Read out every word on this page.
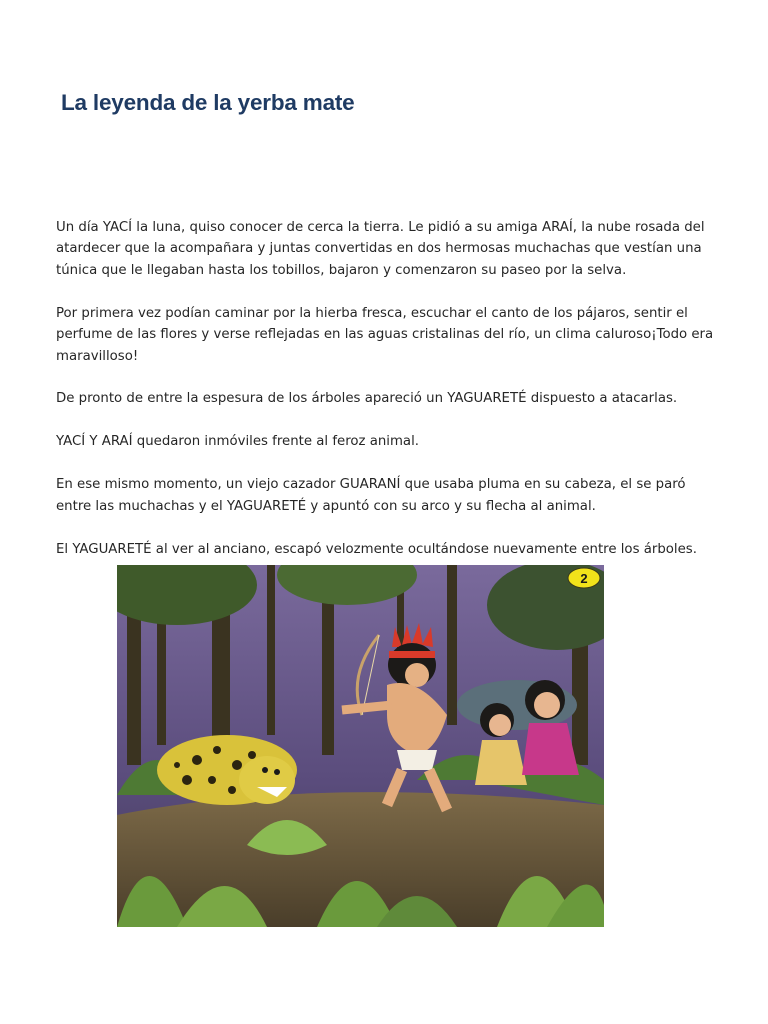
La leyenda de la yerba mate

Un día YACÍ la luna, quiso conocer de cerca la tierra. Le pidió a su amiga ARAÍ, la nube rosada del atardecer que la acompañara y juntas convertidas en dos hermosas muchachas que vestían una túnica que le llegaban hasta los tobillos, bajaron y comenzaron su paseo por la selva.

Por primera vez podían caminar por la hierba fresca, escuchar el canto de los pájaros, sentir el perfume de las flores y verse reflejadas en las aguas cristalinas del río, un clima caluroso¡Todo era maravilloso!

De pronto de entre la espesura de los árboles apareció un YAGUARETÉ dispuesto a atacarlas.

YACÍ Y ARAÍ quedaron inmóviles frente al feroz animal.

En ese mismo momento, un viejo cazador GUARANÍ que usaba pluma en su cabeza, el se paró entre las muchachas y el YAGUARETÉ y apuntó con su arco y su flecha al animal.

El YAGUARETÉ al ver al anciano, escapó velozmente ocultándose nuevamente entre los árboles.

2
